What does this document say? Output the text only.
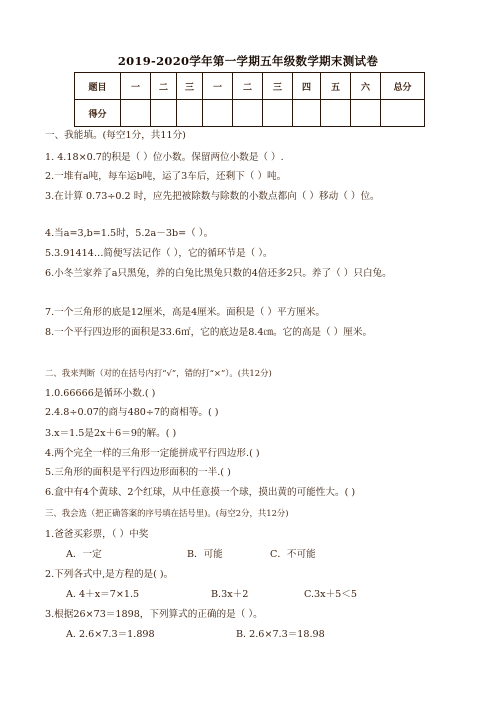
2019-2020学年第一学期五年级数学期末测试卷
题目	一	二	三	一	二	三	四	五	六	总分
得分										
一、我能填。(每空1分，共11分)
1. 4.18×0.7的积是（ ）位小数。保留两位小数是（ ）.
2.一堆有a吨，每车运b吨，运了3车后，还剩下（ ）吨。
3.在计算 0.73÷0.2 时，应先把被除数与除数的小数点都向（ ）移动（ ）位。
4.当a=3,b=1.5时，5.2a－3b=（ ）。
5.3.91414…简便写法记作（ ），它的循环节是（ ）。
6.小冬兰家养了a只黑兔，养的白兔比黑兔只数的4倍还多2只。养了（ ）只白兔。
7.一个三角形的底是12厘米，高是4厘米。面积是（ ）平方厘米。
8.一个平行四边形的面积是33.6㎡，它的底边是8.4㎝。它的高是（ ）厘米。
二、我来判断（对的在括号内打“√”，错的打“×”）。(共12分)
1.0.66666是循环小数.( )
2.4.8÷0.07的商与480÷7的商相等。( )
3.x＝1.5是2x＋6＝9的解。( )
4.两个完全一样的三角形一定能拼成平行四边形.( )
5.三角形的面积是平行四边形面积的一半.( )
6.盒中有4个黄球、2个红球，从中任意摸一个球，摸出黄的可能性大。( )
三、我会选（把正确答案的序号填在括号里)。(每空2分，共12分)
1.爸爸买彩票，（ ）中奖
A．一定	B．可能	C．不可能
2.下列各式中,是方程的是( )。
A. 4＋x＝7×1.5	B.3x＋2	C.3x＋5＜5
3.根据26×73＝1898，下列算式的正确的是（ ）。
A. 2.6×7.3＝1.898	B. 2.6×7.3＝18.98
